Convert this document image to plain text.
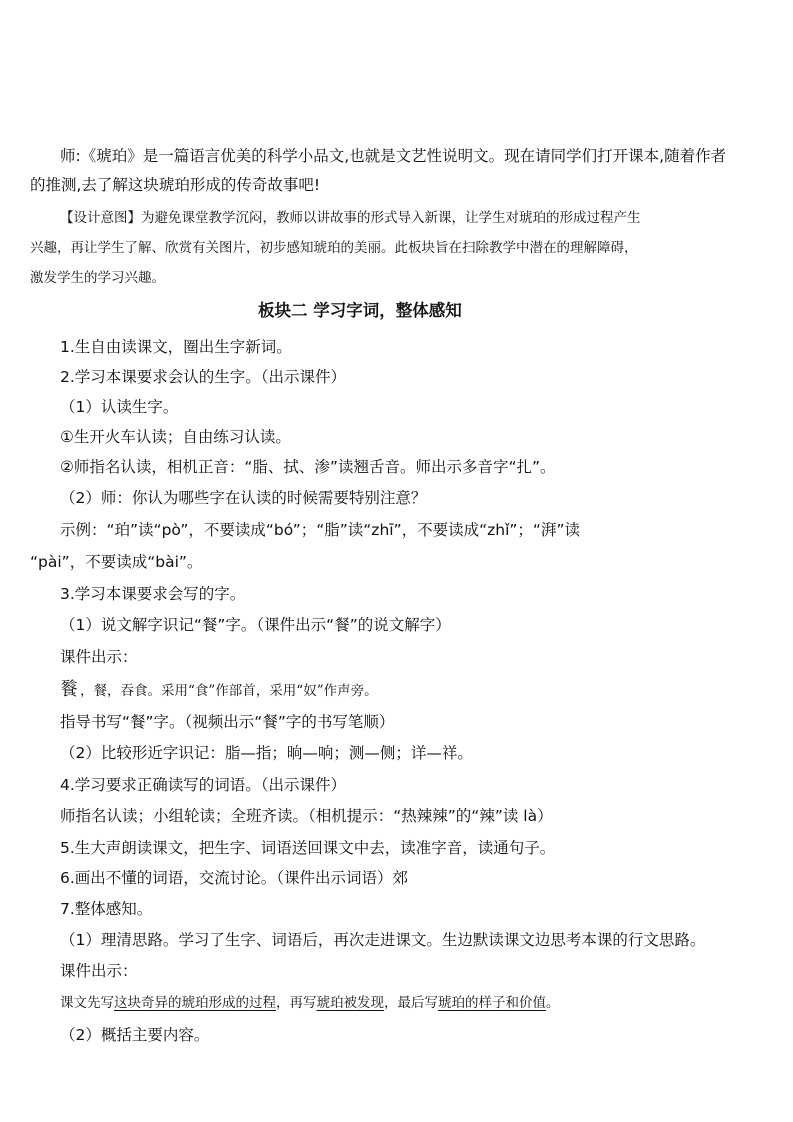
师:《琥珀》是一篇语言优美的科学小品文,也就是文艺性说明文。现在请同学们打开课本,随着作者
的推测,去了解这块琥珀形成的传奇故事吧!
【设计意图】为避免课堂教学沉闷，教师以讲故事的形式导入新课，让学生对琥珀的形成过程产生
兴趣，再让学生了解、欣赏有关图片，初步感知琥珀的美丽。此板块旨在扫除教学中潜在的理解障碍，
激发学生的学习兴趣。
板块二 学习字词，整体感知
1.生自由读课文，圈出生字新词。
2.学习本课要求会认的生字。（出示课件）
（1）认读生字。
①生开火车认读；自由练习认读。
②师指名认读，相机正音：“脂、拭、渗”读翘舌音。师出示多音字“扎”。
（2）师：你认为哪些字在认读的时候需要特别注意？
示例：“珀”读“pò”，不要读成“bó”；“脂”读“zhī”，不要读成“zhǐ”；“湃”读
“pài”，不要读成“bài”。
3.学习本课要求会写的字。
（1）说文解字识记“餐”字。（课件出示“餐”的说文解字）
课件出示：
餮 ，餐，吞食。采用“食”作部首，采用“奴”作声旁。
指导书写“餐”字。（视频出示“餐”字的书写笔顺）
（2）比较形近字识记：脂—指；晌—响；测—侧；详—祥。
4.学习要求正确读写的词语。（出示课件）
师指名认读；小组轮读；全班齐读。（相机提示：“热辣辣”的“辣”读 là）
5.生大声朗读课文，把生字、词语送回课文中去，读准字音，读通句子。
6.画出不懂的词语，交流讨论。（课件出示词语）郊
7.整体感知。
（1）理清思路。学习了生字、词语后，再次走进课文。生边默读课文边思考本课的行文思路。
课件出示：
课文先写这块奇异的琥珀形成的过程，再写琥珀被发现，最后写琥珀的样子和价值。
（2）概括主要内容。
